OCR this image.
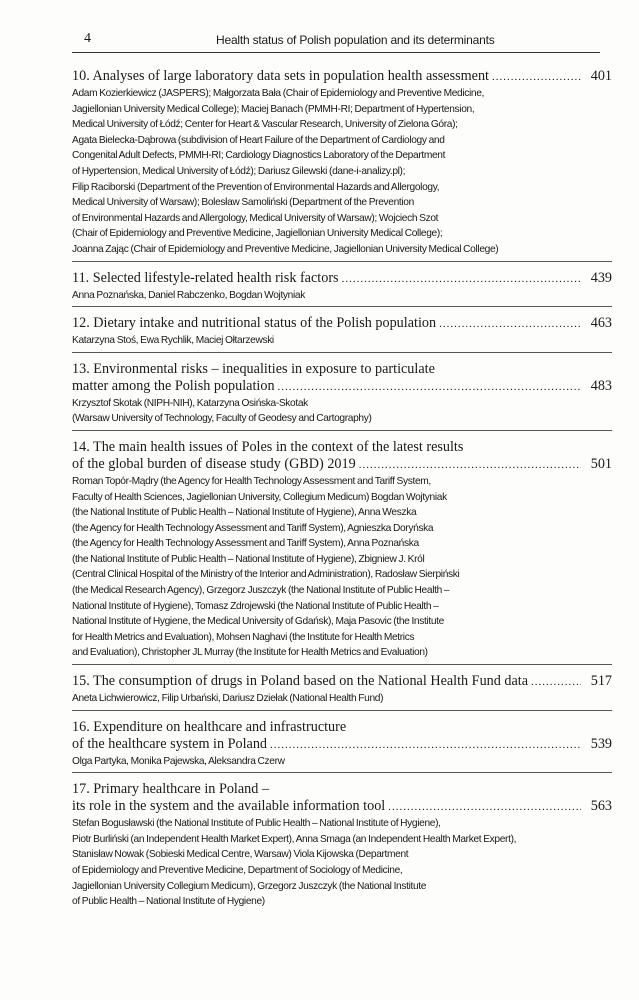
4	Health status of Polish population and its determinants
10. Analyses of large laboratory data sets in population health assessment .....	401
Adam Kozierkiewicz (JASPERS); Małgorzata Bała (Chair of Epidemiology and Preventive Medicine,
Jagiellonian University Medical College); Maciej Banach (PMMH-RI; Department of Hypertension,
Medical University of Łódź; Center for Heart & Vascular Research, University of Zielona Góra);
Agata Bielecka-Dąbrowa (subdivision of Heart Failure of the Department of Cardiology and
Congenital Adult Defects, PMMH-RI; Cardiology Diagnostics Laboratory of the Department
of Hypertension, Medical University of Łódź); Dariusz Gilewski (dane-i-analizy.pl);
Filip Raciborski (Department of the Prevention of Environmental Hazards and Allergology,
Medical University of Warsaw); Bolesław Samoliński (Department of the Prevention
of Environmental Hazards and Allergology, Medical University of Warsaw); Wojciech Szot
(Chair of Epidemiology and Preventive Medicine, Jagiellonian University Medical College);
Joanna Zając (Chair of Epidemiology and Preventive Medicine, Jagiellonian University Medical College)
11. Selected lifestyle-related health risk factors .....	439
Anna Poznańska, Daniel Rabczenko, Bogdan Wojtyniak
12. Dietary intake and nutritional status of the Polish population .....	463
Katarzyna Stoś, Ewa Rychlik, Maciej Ołtarzewski
13. Environmental risks – inequalities in exposure to particulate
matter among the Polish population .....	483
Krzysztof Skotak (NIPH-NIH), Katarzyna Osińska-Skotak
(Warsaw University of Technology, Faculty of Geodesy and Cartography)
14. The main health issues of Poles in the context of the latest results
of the global burden of disease study (GBD) 2019 .....	501
Roman Topór-Mądry (the Agency for Health Technology Assessment and Tariff System,
Faculty of Health Sciences, Jagiellonian University, Collegium Medicum) Bogdan Wojtyniak
(the National Institute of Public Health – National Institute of Hygiene), Anna Weszka
(the Agency for Health Technology Assessment and Tariff System), Agnieszka Doryńska
(the Agency for Health Technology Assessment and Tariff System), Anna Poznańska
(the National Institute of Public Health – National Institute of Hygiene), Zbigniew J. Król
(Central Clinical Hospital of the Ministry of the Interior and Administration), Radosław Sierpiński
(the Medical Research Agency), Grzegorz Juszczyk (the National Institute of Public Health –
National Institute of Hygiene), Tomasz Zdrojewski (the National Institute of Public Health –
National Institute of Hygiene, the Medical University of Gdańsk), Maja Pasovic (the Institute
for Health Metrics and Evaluation), Mohsen Naghavi (the Institute for Health Metrics
and Evaluation), Christopher JL Murray (the Institute for Health Metrics and Evaluation)
15. The consumption of drugs in Poland based on the National Health Fund data .....	517
Aneta Lichwierowicz, Filip Urbański, Dariusz Dziełak (National Health Fund)
16. Expenditure on healthcare and infrastructure
of the healthcare system in Poland .....	539
Olga Partyka, Monika Pajewska, Aleksandra Czerw
17. Primary healthcare in Poland –
its role in the system and the available information tool .....	563
Stefan Bogusławski (the National Institute of Public Health – National Institute of Hygiene),
Piotr Burliński (an Independent Health Market Expert), Anna Smaga (an Independent Health Market Expert),
Stanisław Nowak (Sobieski Medical Centre, Warsaw) Viola Kijowska (Department
of Epidemiology and Preventive Medicine, Department of Sociology of Medicine,
Jagiellonian University Collegium Medicum), Grzegorz Juszczyk (the National Institute
of Public Health – National Institute of Hygiene)
